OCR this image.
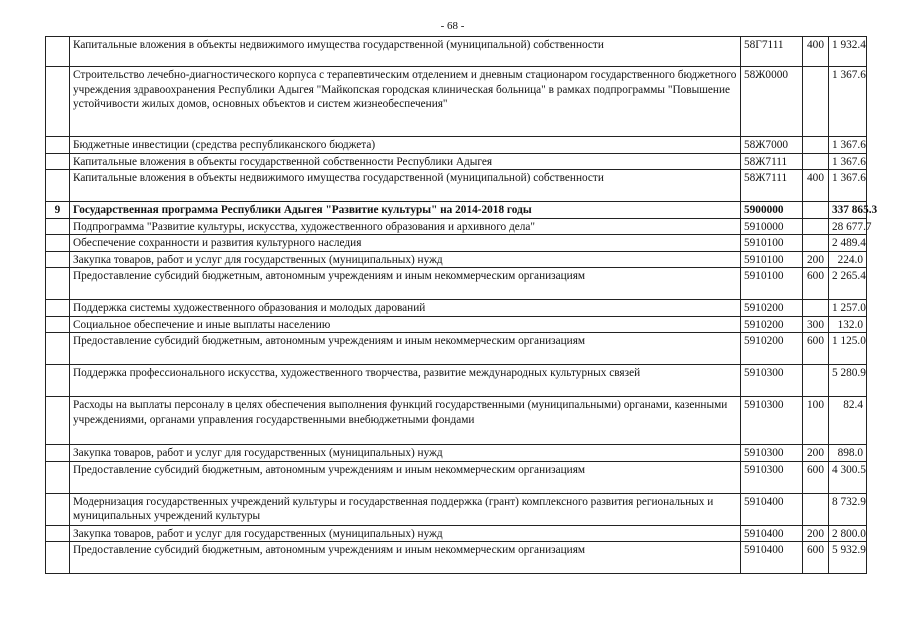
- 68 -
	Капитальные вложения в объекты недвижимого имущества государственной (муниципальной) собственности	58Г7111	400	1 932.4
	Строительство лечебно-диагностического корпуса с терапевтическим отделением и дневным стационаром государственного бюджетного учреждения здравоохранения Республики Адыгея "Майкопская городская клиническая больница" в рамках подпрограммы "Повышение устойчивости жилых домов, основных объектов и систем жизнеобеспечения"	58Ж0000		1 367.6
	Бюджетные инвестиции (средства республиканского бюджета)	58Ж7000		1 367.6
	Капитальные вложения в объекты государственной собственности Республики Адыгея	58Ж7111		1 367.6
	Капитальные вложения в объекты недвижимого имущества государственной (муниципальной) собственности	58Ж7111	400	1 367.6
9	Государственная программа Республики Адыгея "Развитие культуры" на 2014-2018 годы	5900000		337 865.3
	Подпрограмма "Развитие культуры, искусства, художественного образования и архивного дела"	5910000		28 677.7
	Обеспечение сохранности и развития культурного наследия	5910100		2 489.4
	Закупка товаров, работ и услуг для государственных (муниципальных) нужд	5910100	200	224.0
	Предоставление субсидий бюджетным, автономным учреждениям и иным некоммерческим организациям	5910100	600	2 265.4
	Поддержка системы художественного образования и молодых дарований	5910200		1 257.0
	Социальное обеспечение и иные выплаты населению	5910200	300	132.0
	Предоставление субсидий бюджетным, автономным учреждениям и иным некоммерческим организациям	5910200	600	1 125.0
	Поддержка профессионального искусства, художественного творчества, развитие международных культурных связей	5910300		5 280.9
	Расходы на выплаты персоналу в целях обеспечения выполнения функций государственными (муниципальными) органами, казенными учреждениями, органами управления государственными внебюджетными фондами	5910300	100	82.4
	Закупка товаров, работ и услуг для государственных (муниципальных) нужд	5910300	200	898.0
	Предоставление субсидий бюджетным, автономным учреждениям и иным некоммерческим организациям	5910300	600	4 300.5
	Модернизация государственных учреждений культуры и государственная поддержка (грант) комплексного развития региональных и муниципальных учреждений культуры	5910400		8 732.9
	Закупка товаров, работ и услуг для государственных (муниципальных) нужд	5910400	200	2 800.0
	Предоставление субсидий бюджетным, автономным учреждениям и иным некоммерческим организациям	5910400	600	5 932.9
